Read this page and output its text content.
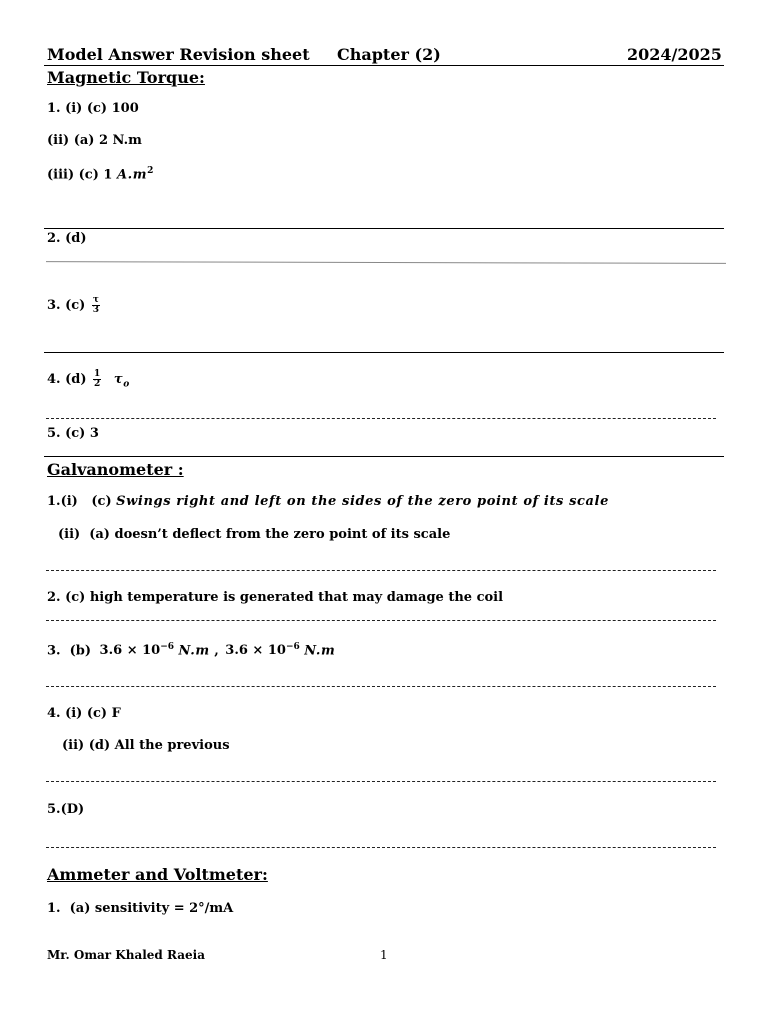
Model Answer Revision sheet Chapter (2)	2024/2025
Magnetic Torque:
1. (i) (c) 100
(ii) (a) 2 N.m
(iii) (c) 1 $A.m^2$
2. (d)
3. $(c) \frac{\tau}{3}$
4. $(d) \frac{1}{2} \tau_o$
5. (c) 3
Galvanometer :
1.(i)   (c) Swings right and left on the sides of the zero point of its scale
(ii)  (a) doesn’t deflect from the zero point of its scale
2. (c) high temperature is generated that may damage the coil
3.  (b) $3.6 \times 10^{-6}$ N.m , $3.6 \times 10^{-6}$ N.m
4. (i) (c) F
(ii) (d) All the previous
5.(D)
Ammeter and Voltmeter:
1.  (a) sensitivity = 2°/mA
Mr. Omar Khaled Raeia	1
